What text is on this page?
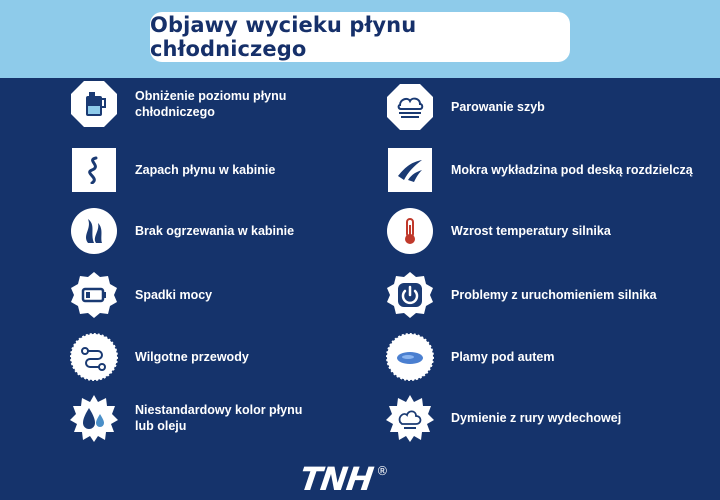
Objawy wycieku płynu chłodniczego
Obniżenie poziomu płynu
chłodniczego
Zapach płynu w kabinie
Brak ogrzewania w kabinie
Spadki mocy
Wilgotne przewody
Niestandardowy kolor płynu
lub oleju
Parowanie szyb
Mokra wykładzina pod deską rozdzielczą
Wzrost temperatury silnika
Problemy z uruchomieniem silnika
Plamy pod autem
Dymienie z rury wydechowej
TNH ®
